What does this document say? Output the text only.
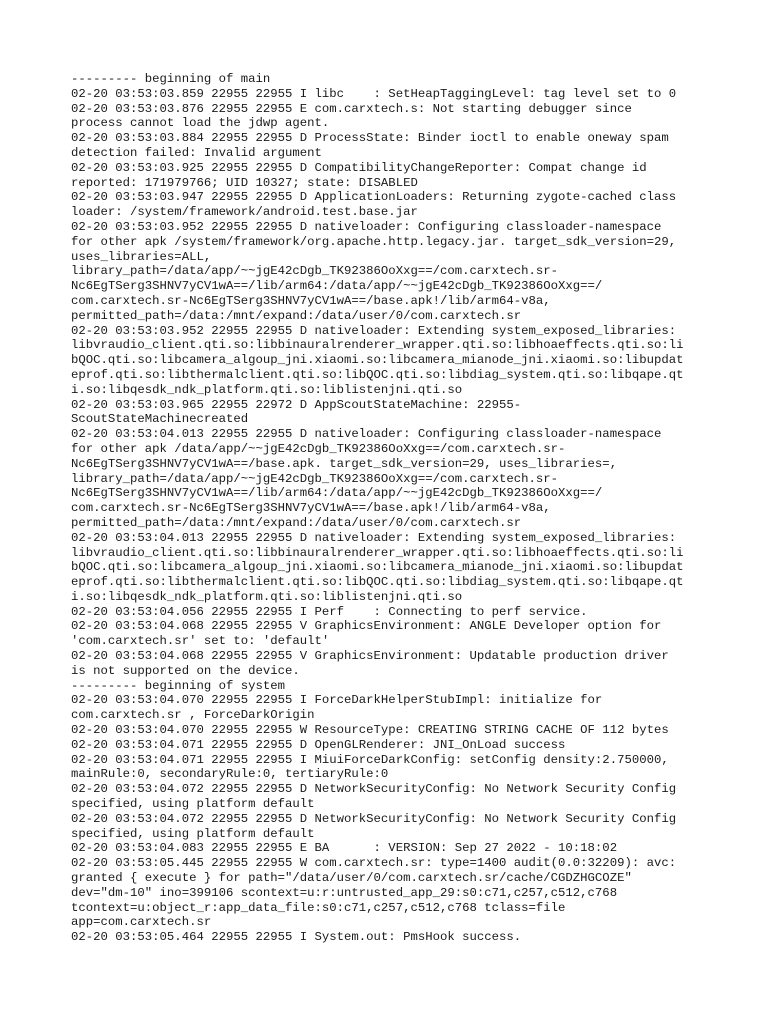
--------- beginning of main
02-20 03:53:03.859 22955 22955 I libc    : SetHeapTaggingLevel: tag level set to 0
02-20 03:53:03.876 22955 22955 E com.carxtech.s: Not starting debugger since
process cannot load the jdwp agent.
02-20 03:53:03.884 22955 22955 D ProcessState: Binder ioctl to enable oneway spam
detection failed: Invalid argument
02-20 03:53:03.925 22955 22955 D CompatibilityChangeReporter: Compat change id
reported: 171979766; UID 10327; state: DISABLED
02-20 03:53:03.947 22955 22955 D ApplicationLoaders: Returning zygote-cached class
loader: /system/framework/android.test.base.jar
02-20 03:53:03.952 22955 22955 D nativeloader: Configuring classloader-namespace
for other apk /system/framework/org.apache.http.legacy.jar. target_sdk_version=29,
uses_libraries=ALL,
library_path=/data/app/~~jgE42cDgb_TK92386OoXxg==/com.carxtech.sr-
Nc6EgTSerg3SHNV7yCV1wA==/lib/arm64:/data/app/~~jgE42cDgb_TK92386OoXxg==/
com.carxtech.sr-Nc6EgTSerg3SHNV7yCV1wA==/base.apk!/lib/arm64-v8a,
permitted_path=/data:/mnt/expand:/data/user/0/com.carxtech.sr
02-20 03:53:03.952 22955 22955 D nativeloader: Extending system_exposed_libraries:
libvraudio_client.qti.so:libbinauralrenderer_wrapper.qti.so:libhoaeffects.qti.so:li
bQOC.qti.so:libcamera_algoup_jni.xiaomi.so:libcamera_mianode_jni.xiaomi.so:libupdat
eprof.qti.so:libthermalclient.qti.so:libQOC.qti.so:libdiag_system.qti.so:libqape.qt
i.so:libqesdk_ndk_platform.qti.so:liblistenjni.qti.so
02-20 03:53:03.965 22955 22972 D AppScoutStateMachine: 22955-
ScoutStateMachinecreated
02-20 03:53:04.013 22955 22955 D nativeloader: Configuring classloader-namespace
for other apk /data/app/~~jgE42cDgb_TK92386OoXxg==/com.carxtech.sr-
Nc6EgTSerg3SHNV7yCV1wA==/base.apk. target_sdk_version=29, uses_libraries=,
library_path=/data/app/~~jgE42cDgb_TK92386OoXxg==/com.carxtech.sr-
Nc6EgTSerg3SHNV7yCV1wA==/lib/arm64:/data/app/~~jgE42cDgb_TK92386OoXxg==/
com.carxtech.sr-Nc6EgTSerg3SHNV7yCV1wA==/base.apk!/lib/arm64-v8a,
permitted_path=/data:/mnt/expand:/data/user/0/com.carxtech.sr
02-20 03:53:04.013 22955 22955 D nativeloader: Extending system_exposed_libraries:
libvraudio_client.qti.so:libbinauralrenderer_wrapper.qti.so:libhoaeffects.qti.so:li
bQOC.qti.so:libcamera_algoup_jni.xiaomi.so:libcamera_mianode_jni.xiaomi.so:libupdat
eprof.qti.so:libthermalclient.qti.so:libQOC.qti.so:libdiag_system.qti.so:libqape.qt
i.so:libqesdk_ndk_platform.qti.so:liblistenjni.qti.so
02-20 03:53:04.056 22955 22955 I Perf    : Connecting to perf service.
02-20 03:53:04.068 22955 22955 V GraphicsEnvironment: ANGLE Developer option for
'com.carxtech.sr' set to: 'default'
02-20 03:53:04.068 22955 22955 V GraphicsEnvironment: Updatable production driver
is not supported on the device.
--------- beginning of system
02-20 03:53:04.070 22955 22955 I ForceDarkHelperStubImpl: initialize for
com.carxtech.sr , ForceDarkOrigin
02-20 03:53:04.070 22955 22955 W ResourceType: CREATING STRING CACHE OF 112 bytes
02-20 03:53:04.071 22955 22955 D OpenGLRenderer: JNI_OnLoad success
02-20 03:53:04.071 22955 22955 I MiuiForceDarkConfig: setConfig density:2.750000,
mainRule:0, secondaryRule:0, tertiaryRule:0
02-20 03:53:04.072 22955 22955 D NetworkSecurityConfig: No Network Security Config
specified, using platform default
02-20 03:53:04.072 22955 22955 D NetworkSecurityConfig: No Network Security Config
specified, using platform default
02-20 03:53:04.083 22955 22955 E BA      : VERSION: Sep 27 2022 - 10:18:02
02-20 03:53:05.445 22955 22955 W com.carxtech.sr: type=1400 audit(0.0:32209): avc:
granted { execute } for path="/data/user/0/com.carxtech.sr/cache/CGDZHGCOZE"
dev="dm-10" ino=399106 scontext=u:r:untrusted_app_29:s0:c71,c257,c512,c768
tcontext=u:object_r:app_data_file:s0:c71,c257,c512,c768 tclass=file
app=com.carxtech.sr
02-20 03:53:05.464 22955 22955 I System.out: PmsHook success.
